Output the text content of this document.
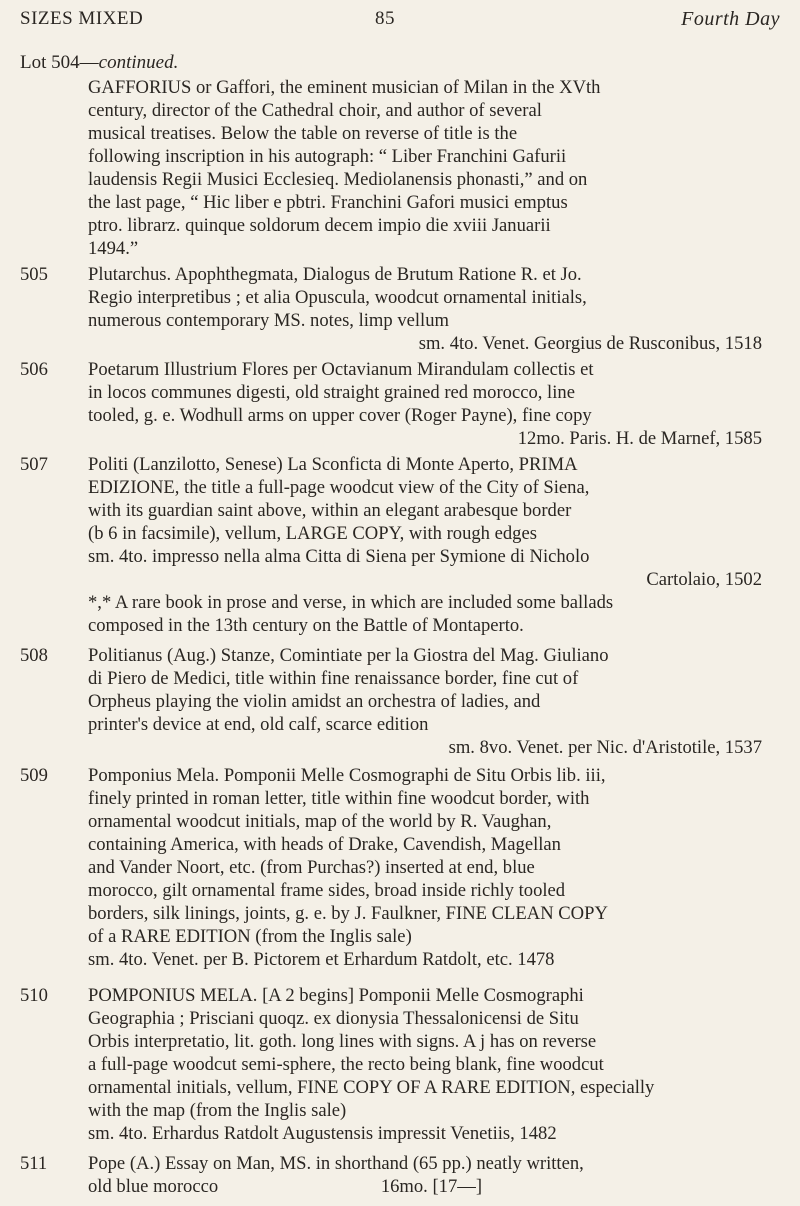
SIZES MIXED	85	Fourth Day
Lot 504—continued.
GAFFORIUS or Gaffori, the eminent musician of Milan in the XVth
century, director of the Cathedral choir, and author of several
musical treatises. Below the table on reverse of title is the
following inscription in his autograph: “ Liber Franchini Gafurii
laudensis Regii Musici Ecclesieq. Mediolanensis phonasti,” and on
the last page, “ Hic liber e pbtri. Franchini Gafori musici emptus
ptro. librarz. quinque soldorum decem impio die xviii Januarii
1494.”
505	Plutarchus. Apophthegmata, Dialogus de Brutum Ratione R. et Jo.
Regio interpretibus ; et alia Opuscula, woodcut ornamental initials,
numerous contemporary MS. notes, limp vellum
sm. 4to. Venet. Georgius de Rusconibus, 1518
506	Poetarum Illustrium Flores per Octavianum Mirandulam collectis et
in locos communes digesti, old straight grained red morocco, line
tooled, g. e. Wodhull arms on upper cover (Roger Payne), fine copy
12mo. Paris. H. de Marnef, 1585
507	Politi (Lanzilotto, Senese) La Sconficta di Monte Aperto, PRIMA
EDIZIONE, the title a full-page woodcut view of the City of Siena,
with its guardian saint above, within an elegant arabesque border
(b 6 in facsimile), vellum, LARGE COPY, with rough edges
sm. 4to. impresso nella alma Citta di Siena per Symione di Nicholo
Cartolaio, 1502
*,* A rare book in prose and verse, in which are included some ballads
composed in the 13th century on the Battle of Montaperto.
508	Politianus (Aug.) Stanze, Comintiate per la Giostra del Mag. Giuliano
di Piero de Medici, title within fine renaissance border, fine cut of
Orpheus playing the violin amidst an orchestra of ladies, and
printer's device at end, old calf, scarce edition
sm. 8vo. Venet. per Nic. d'Aristotile, 1537
509	Pomponius Mela. Pomponii Melle Cosmographi de Situ Orbis lib. iii,
finely printed in roman letter, title within fine woodcut border, with
ornamental woodcut initials, map of the world by R. Vaughan,
containing America, with heads of Drake, Cavendish, Magellan
and Vander Noort, etc. (from Purchas?) inserted at end, blue
morocco, gilt ornamental frame sides, broad inside richly tooled
borders, silk linings, joints, g. e. by J. Faulkner, FINE CLEAN COPY
of a RARE EDITION (from the Inglis sale)
sm. 4to. Venet. per B. Pictorem et Erhardum Ratdolt, etc. 1478
510	POMPONIUS MELA. [A 2 begins] Pomponii Melle Cosmographi
Geographia ; Prisciani quoqz. ex dionysia Thessalonicensi de Situ
Orbis interpretatio, lit. goth. long lines with signs. A j has on reverse
a full-page woodcut semi-sphere, the recto being blank, fine woodcut
ornamental initials, vellum, FINE COPY OF A RARE EDITION, especially
with the map (from the Inglis sale)
sm. 4to. Erhardus Ratdolt Augustensis impressit Venetiis, 1482
511	Pope (A.) Essay on Man, MS. in shorthand (65 pp.) neatly written,
old blue morocco                                   16mo. [17—]
